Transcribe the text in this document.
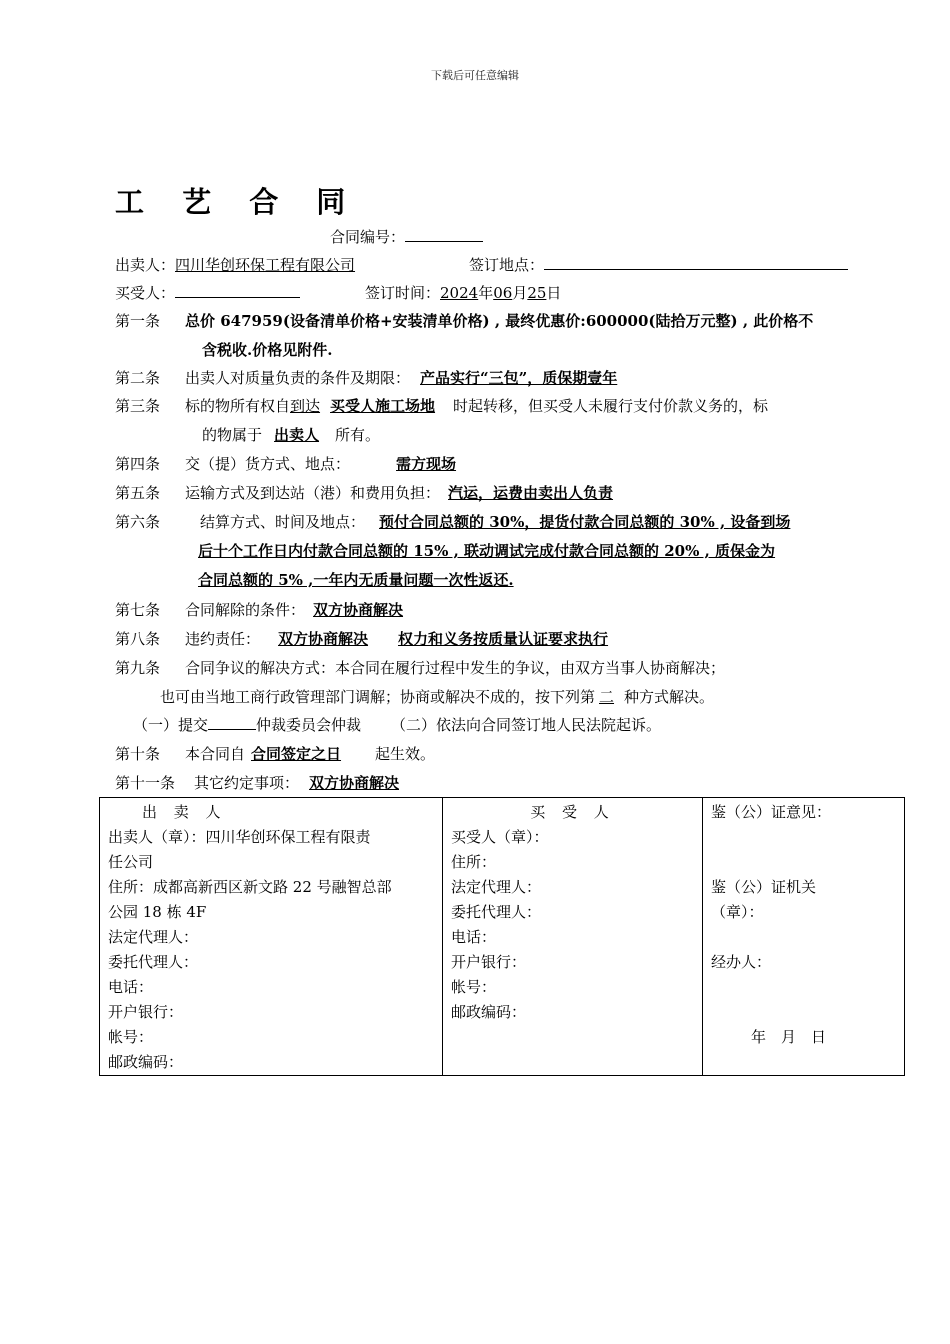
下载后可任意编辑
工 艺 合 同
合同编号：
出卖人：四川华创环保工程有限公司	签订地点：
买受人：	签订时间：2024年06月25日
第一条 总价 647959(设备清单价格+安装清单价格) , 最终优惠价:600000(陆拾万元整) , 此价格不
含税收.价格见附件.
第二条 出卖人对质量负责的条件及期限： 产品实行“三包”，质保期壹年
第三条 标的物所有权自到达 买受人施工场地 时起转移，但买受人未履行支付价款义务的，标
的物属于 出卖人 所有。
第四条 交（提）货方式、地点：	需方现场
第五条 运输方式及到达站（港）和费用负担： 汽运，运费由卖出人负责
第六条	结算方式、时间及地点： 预付合同总额的 30%，提货付款合同总额的 30% , 设备到场
后十个工作日内付款合同总额的 15% , 联动调试完成付款合同总额的 20% , 质保金为
合同总额的 5% ,一年内无质量问题一次性返还.
第七条 合同解除的条件： 双方协商解决
第八条 违约责任： 双方协商解决 权力和义务按质量认证要求执行
第九条 合同争议的解决方式：本合同在履行过程中发生的争议，由双方当事人协商解决；
也可由当地工商行政管理部门调解；协商或解决不成的，按下列第 二 种方式解决。
（一）提交	仲裁委员会仲裁 （二）依法向合同签订地人民法院起诉。
第十条 本合同自 合同签定之日 起生效。
第十一条 其它约定事项： 双方协商解决
出 卖 人
出卖人（章）：四川华创环保工程有限责
任公司
住所：成都高新西区新文路 22 号融智总部
公园 18 栋 4F
法定代理人：
委托代理人：
电话：
开户银行：
帐号：
邮政编码：

买 受 人
买受人（章）：
住所：
法定代理人：
委托代理人：
电话：
开户银行：
帐号：
邮政编码：

鉴（公）证意见：
鉴（公）证机关
（章）：
经办人：
年　月　日
